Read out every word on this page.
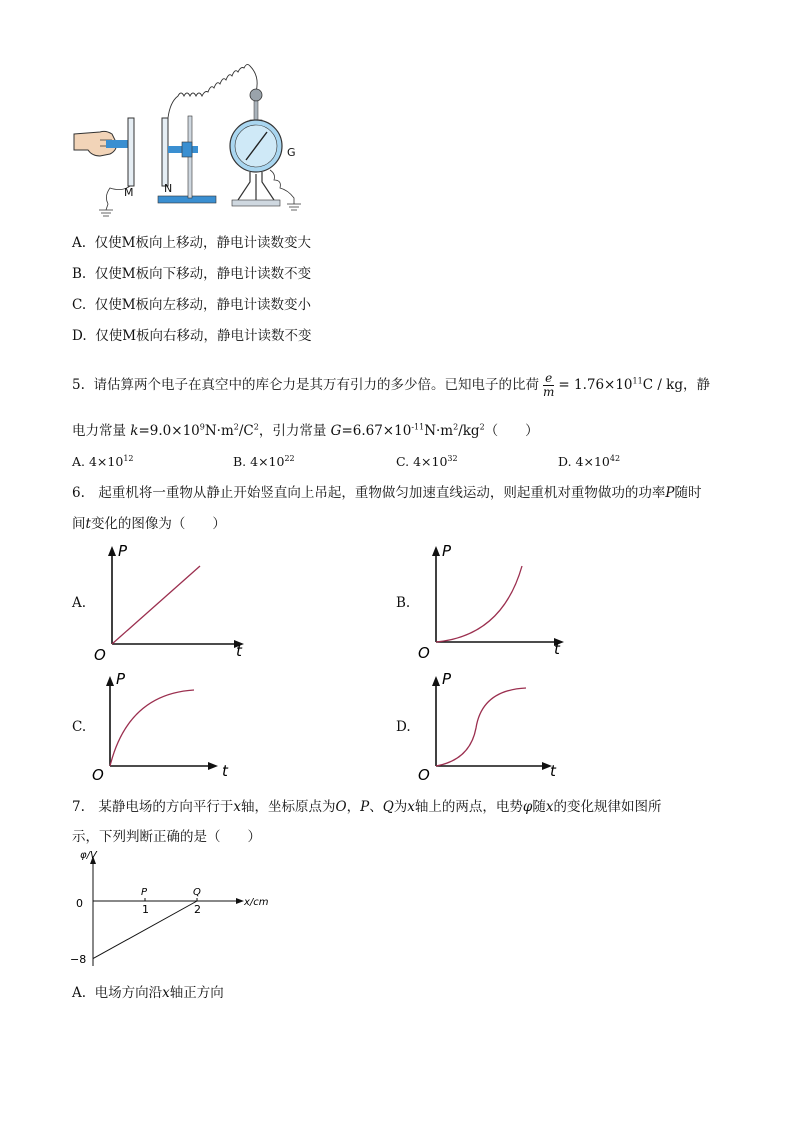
M	N
G
A. 仅使M板向上移动，静电计读数变大
B. 仅使M板向下移动，静电计读数不变
C. 仅使M板向左移动，静电计读数变小
D. 仅使M板向右移动，静电计读数不变
5. 请估算两个电子在真空中的库仑力是其万有引力的多少倍。已知电子的比荷 $\frac{e}{m} = 1.76\times 10^{11}C$ / kg，静
电力常量 $k=9.0\times 10^9N\cdot m^2/C^2$，引力常量 $G=6.67\times 10^{-11}N\cdot m^2/kg^2$（　　）
A. $4\times 10^{12}$	B. $4\times 10^{22}$	C. $4\times 10^{32}$	D. $4\times 10^{42}$
6.　起重机将一重物从静止开始竖直向上吊起，重物做匀加速直线运动，则起重机对重物做功的功率P随时
间t变化的图像为（　　）
A.
P
t
O
B.
P
t
O
C.
P
t
O
D.
P
t
O
7.　某静电场的方向平行于x轴，坐标原点为O，P、Q为x轴上的两点，电势φ随x的变化规律如图所
示，下列判断正确的是（　　）
φ/V
x/cm
0
−8
P
1
Q
2
A. 电场方向沿x轴正方向
